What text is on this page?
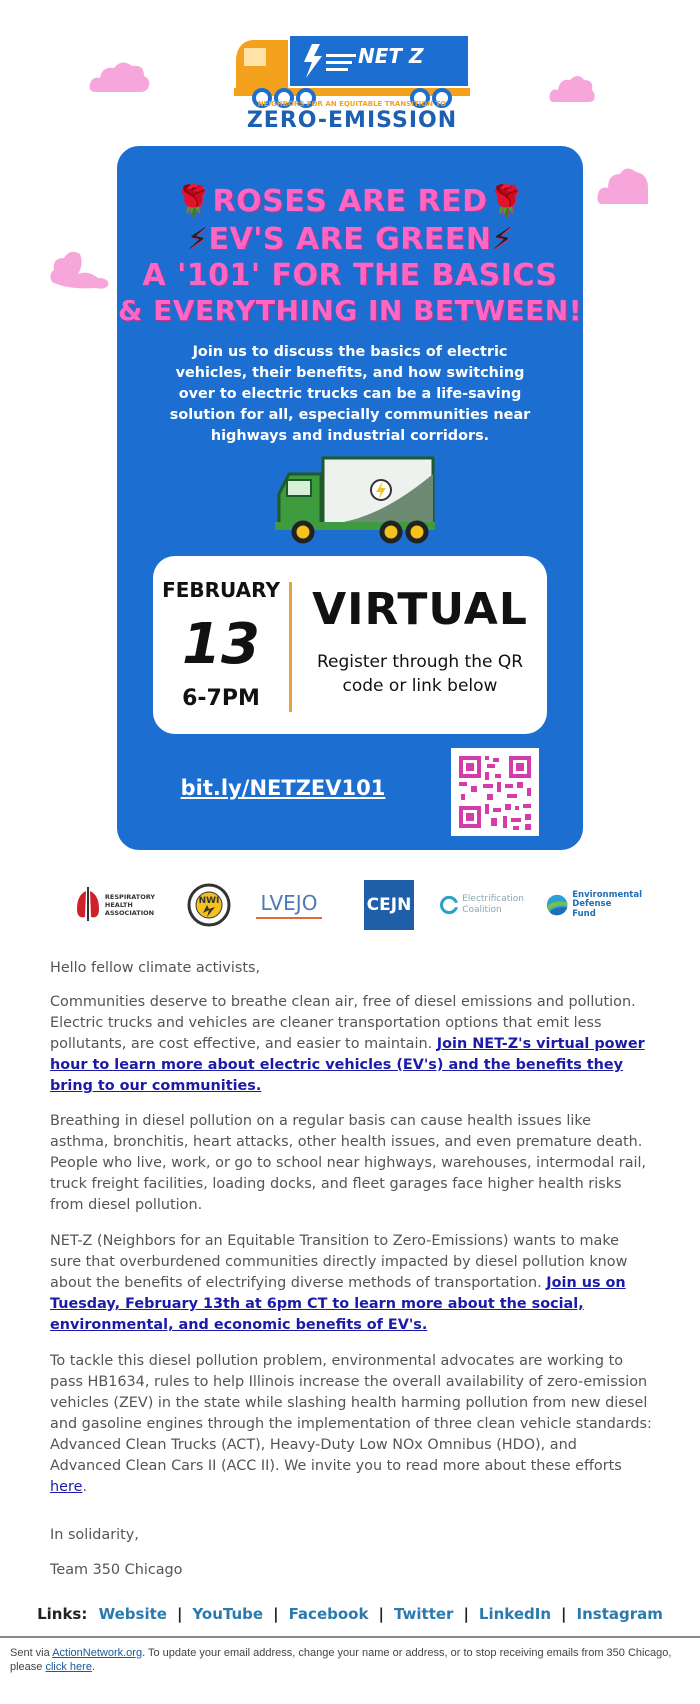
NET Z
NEIGHBORS FOR AN EQUITABLE TRANSITION TO
ZERO-EMISSION
🌹ROSES ARE RED🌹
⚡EV'S ARE GREEN⚡
A '101' FOR THE BASICS
& EVERYTHING IN BETWEEN!
Join us to discuss the basics of electric vehicles, their benefits, and how switching over to electric trucks can be a life-saving solution for all, especially communities near highways and industrial corridors.
FEBRUARY
13
6-7PM
VIRTUAL
Register through the QR code or link below
bit.ly/NETZEV101
RESPIRATORY
HEALTH
ASSOCIATION
NWI LVEJO	CEJN	Electrification
Coalition
Environmental
Defense
Fund
Hello fellow climate activists,
Communities deserve to breathe clean air, free of diesel emissions and pollution. Electric trucks and vehicles are cleaner transportation options that emit less pollutants, are cost effective, and easier to maintain. Join NET-Z's virtual power hour to learn more about electric vehicles (EV's) and the benefits they bring to our communities.
Breathing in diesel pollution on a regular basis can cause health issues like asthma, bronchitis, heart attacks, other health issues, and even premature death. People who live, work, or go to school near highways, warehouses, intermodal rail, truck freight facilities, loading docks, and fleet garages face higher health risks from diesel pollution.
NET-Z (Neighbors for an Equitable Transition to Zero-Emissions) wants to make sure that overburdened communities directly impacted by diesel pollution know about the benefits of electrifying diverse methods of transportation. Join us on Tuesday, February 13th at 6pm CT to learn more about the social, environmental, and economic benefits of EV's.
To tackle this diesel pollution problem, environmental advocates are working to pass HB1634, rules to help Illinois increase the overall availability of zero-emission vehicles (ZEV) in the state while slashing health harming pollution from new diesel and gasoline engines through the implementation of three clean vehicle standards: Advanced Clean Trucks (ACT), Heavy-Duty Low NOx Omnibus (HDO), and Advanced Clean Cars II (ACC II). We invite you to read more about these efforts here.
In solidarity,
Team 350 Chicago
Links: Website | YouTube | Facebook | Twitter | LinkedIn | Instagram
Sent via ActionNetwork.org. To update your email address, change your name or address, or to stop receiving emails from 350 Chicago, please click here.
